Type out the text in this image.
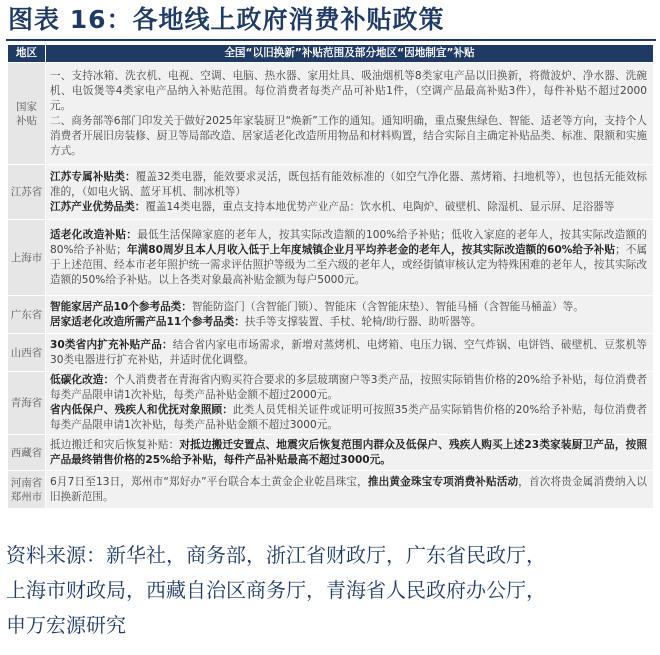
图表 16：各地线上政府消费补贴政策
地区	全国“以旧换新”补贴范围及部分地区“因地制宜”补贴
国家补贴	一、支持冰箱、洗衣机、电视、空调、电脑、热水器、家用灶具、吸油烟机等8类家电产品以旧换新，将微波炉、净水器、洗碗机、电饭煲等4类家电产品纳入补贴范围。每位消费者每类产品可补贴1件，（空调产品最高补贴3件），每件补贴不超过2000元。

二、商务部等6部门印发关于做好2025年家装厨卫“焕新”工作的通知。通知明确，重点聚焦绿色、智能、适老等方向，支持个人消费者开展旧房装修、厨卫等局部改造、居家适老化改造所用物品和材料购置，结合实际自主确定补贴品类、标准、限额和实施方式。

江苏省	江苏专属补贴类：覆盖32类电器，能效要求灵活，既包括有能效标准的（如空气净化器、蒸烤箱、扫地机等），也包括无能效标准的，（如电火锅、蓝牙耳机、制冰机等）

江苏产业优势品类：覆盖14类电器，重点支持本地优势产业产品：饮水机、电陶炉、破壁机、除湿机、显示屏、足浴器等

上海市	适老化改造补贴：最低生活保障家庭的老年人，按其实际改造额的100%给予补贴；低收入家庭的老年人，按其实际改造额的80%给予补贴；年满80周岁且本人月收入低于上年度城镇企业月平均养老金的老年人，按其实际改造额的60%给予补贴；不属于上述范围、经本市老年照护统一需求评估照护等级为二至六级的老年人，或经街镇审核认定为特殊困难的老年人，按其实际改造额的50%给予补贴。以上各类对象最高补贴金额为每户5000元。

广东省	智能家居产品10个参考品类：智能防盗门（含智能门锁）、智能床（含智能床垫）、智能马桶（含智能马桶盖）等。

居家适老化改造所需产品11个参考品类：扶手等支撑装置、手杖、轮椅/助行器、助听器等。

山西省	30类省内扩充补贴产品：结合省内家电市场需求，新增对蒸烤机、电烤箱、电压力锅、空气炸锅、电饼铛、破壁机、豆浆机等30类电器进行扩充补贴，并适时优化调整。

青海省	低碳化改造：个人消费者在青海省内购买符合要求的多层玻璃窗户等3类产品，按照实际销售价格的20%给予补贴，每位消费者每类产品限申请1次补贴，每类产品补贴金额不超过2000元。

省内低保户、残疾人和优抚对象照顾：此类人员凭相关证件或证明可按照35类产品实际销售价格的20%给予补贴，每位消费者每类产品限申请1次补贴，每类产品补贴金额不超过3000元。

西藏省	抵边搬迁和灾后恢复补贴：对抵边搬迁安置点、地震灾后恢复范围内群众及低保户、残疾人购买上述23类家装厨卫产品，按照产品最终销售价格的25%给予补贴，每件产品补贴最高不超过3000元。

河南省郑州市	6月7日至13日，郑州市“郑好办”平台联合本土黄金企业乾昌珠宝，推出黄金珠宝专项消费补贴活动，首次将贵金属消费纳入以旧换新范围。

资料来源：新华社，商务部，浙江省财政厅，广东省民政厅，
上海市财政局，西藏自治区商务厅，青海省人民政府办公厅，
申万宏源研究
